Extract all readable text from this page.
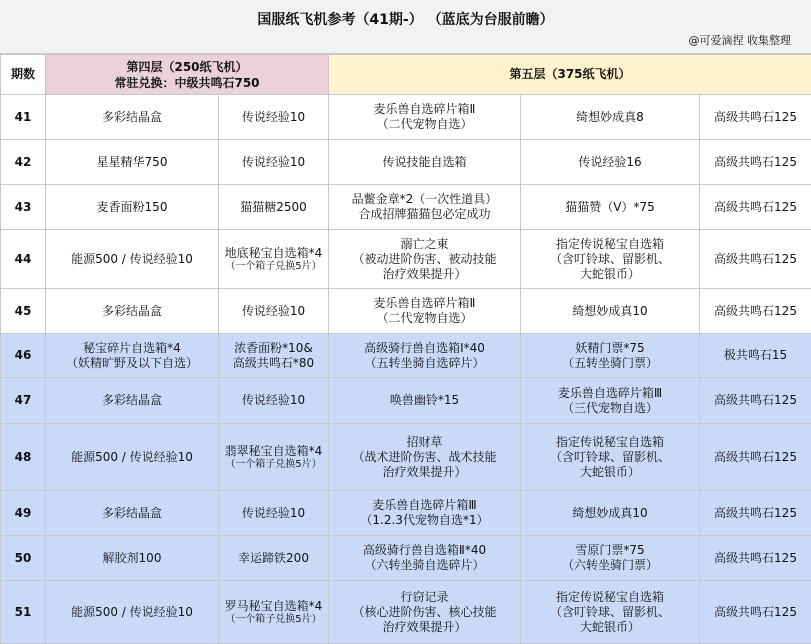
国服纸飞机参考（41期-） （蓝底为台服前瞻）
@可爱滴捏 收集整理
期数	第四层（250纸飞机）
常驻兑换：中级共鸣石750		第五层（375纸飞机）		
41	多彩结晶盒	传说经验10	麦乐兽自选碎片箱Ⅱ
（二代宠物自选）	绮想妙成真8	高级共鸣石125

42	星星精华750	传说经验10	传说技能自选箱	传说经验16	高级共鸣石125

43	麦香面粉150	猫猫糖2500	品鳖金章*2（一次性道具）
合成招牌猫猫包必定成功	猫猫赞（Ⅴ）*75	高级共鸣石125

44	能源500 / 传说经验10	地底秘宝自选箱*4
（一个箱子兑换5片）	溺亡之東
（被动进阶伤害、被动技能
治疗效果提升）	指定传说秘宝自选箱
（含叮铃球、留影机、
大蛇银币）	高级共鸣石125

45	多彩结晶盒	传说经验10	麦乐兽自选碎片箱Ⅱ
（二代宠物自选）	绮想妙成真10	高级共鸣石125

46	秘宝碎片自选箱*4
（妖精旷野及以下自选）	浓香面粉*10&
高级共鸣石*80	高级骑行兽自选箱Ⅰ*40
（五转坐骑自选碎片）	妖精门票*75
（五转坐骑门票）	极共鸣石15

47	多彩结晶盒	传说经验10	唤兽幽铃*15	麦乐兽自选碎片箱Ⅲ
（三代宠物自选）	高级共鸣石125

48	能源500 / 传说经验10	翡翠秘宝自选箱*4
（一个箱子兑换5片）	招财草
（战术进阶伤害、战术技能
治疗效果提升）	指定传说秘宝自选箱
（含叮铃球、留影机、
大蛇银币）	高级共鸣石125

49	多彩结晶盒	传说经验10	麦乐兽自选碎片箱Ⅲ
（1.2.3代宠物自选*1）	绮想妙成真10	高级共鸣石125

50	解胶剂100	幸运蹄铁200	高级骑行兽自选箱Ⅱ*40
（六转坐骑自选碎片）	雪原门票*75
（六转坐骑门票）	高级共鸣石125

51	能源500 / 传说经验10	罗马秘宝自选箱*4
（一个箱子兑换5片）	行窃记录
（核心进阶伤害、核心技能
治疗效果提升）	指定传说秘宝自选箱
（含叮铃球、留影机、
大蛇银币）	高级共鸣石125
